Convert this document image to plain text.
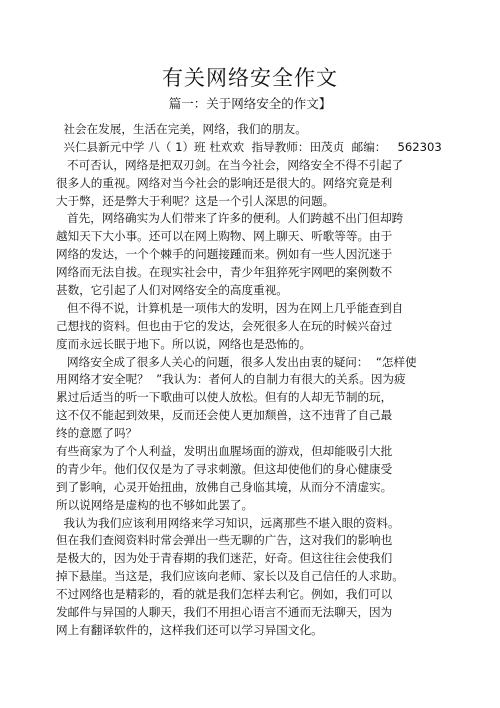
有关网络安全作文
篇一：关于网络安全的作文】
社会在发展，生活在完美，网络，我们的朋友。
兴仁县新元中学 八（ 1）班 杜欢欢  指导教师：田茂贞  邮编：   562303
不可否认，网络是把双刃剑。在当今社会，网络安全不得不引起了
很多人的重视。网络对当今社会的影响还是很大的。网络究竟是利
大于弊，还是弊大于利呢？这是一个引人深思的问题。
首先，网络确实为人们带来了许多的便利。人们跨越不出门但却跨
越知天下大小事。还可以在网上购物、网上聊天、听歌等等。由于
网络的发达，一个个棘手的问题接踵而来。例如有一些人因沉迷于
网络而无法自拔。在现实社会中，青少年狙猝死宇网吧的案例数不
甚数，它引起了人们对网络安全的高度重视。
但不得不说，计算机是一项伟大的发明，因为在网上几乎能查到自
己想找的资料。但也由于它的发达，会死很多人在玩的时候兴奋过
度而永远长眠于地下。所以说，网络也是恐怖的。
网络安全成了很多人关心的问题，很多人发出由衷的疑问：  “怎样使
用网络才安全呢？  ”我认为：者何人的自制力有很大的关系。因为疲
累过后适当的听一下歌曲可以使人放松。但有的人却无节制的玩，
这不仅不能起到效果，反而还会使人更加颓兽，这不违背了自己最
终的意愿了吗？
有些商家为了个人利益，发明出血腥场面的游戏，但却能吸引大批
的青少年。他们仅仅是为了寻求刺激。但这却使他们的身心健康受
到了影响，心灵开始扭曲，放佛自己身临其境，从而分不清虚实。
所以说网络是虚构的也不够如此罢了。
我认为我们应该利用网络来学习知识，远离那些不堪入眼的资料。
但在我们查阅资料时常会弹出一些无聊的广告，这对我们的影响也
是极大的，因为处于青春期的我们迷茫，好奇。但这往往会使我们
掉下悬崖。当这是，我们应该向老师、家长以及自己信任的人求助。
不过网络也是精彩的，看的就是我们怎样去利它。例如，我们可以
发邮件与异国的人聊天，我们不用担心语言不通而无法聊天，因为
网上有翻译软件的，这样我们还可以学习异国文化。
